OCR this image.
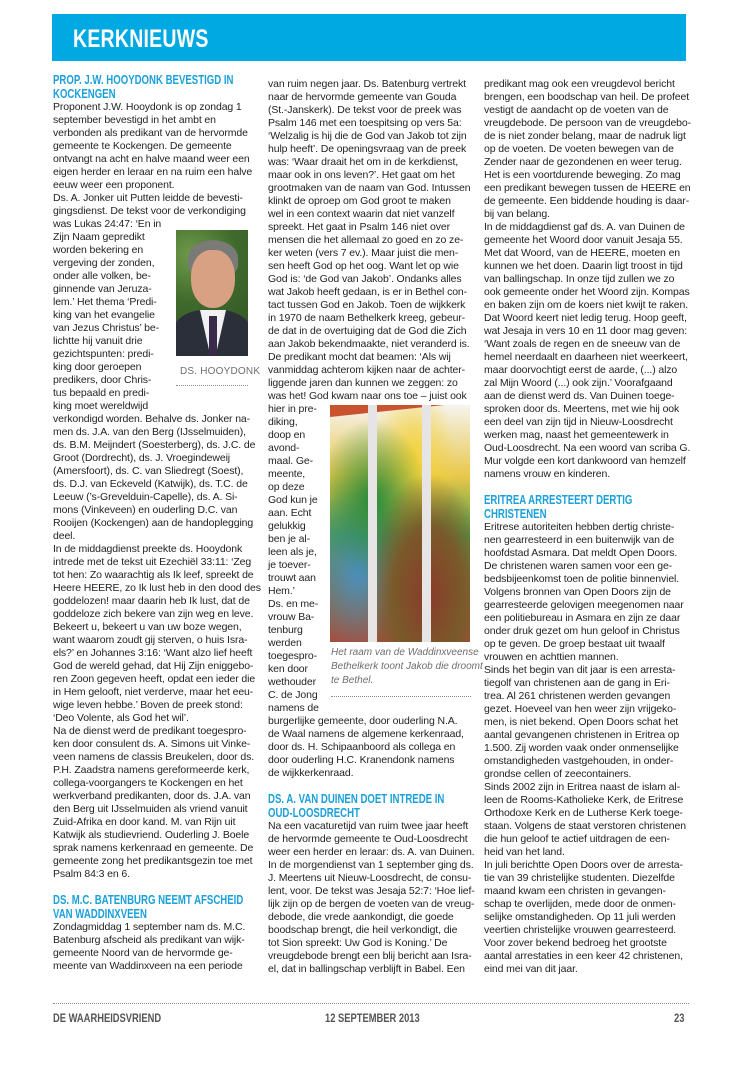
KERKNIEUWS
PROP. J.W. HOOYDONK BEVESTIGD IN
KOCKENGEN
Proponent J.W. Hooydonk is op zondag 1
september bevestigd in het ambt en
verbonden als predikant van de hervormde
gemeente te Kockengen. De gemeente
ontvangt na acht en halve maand weer een
eigen herder en leraar en na ruim een halve
eeuw weer een proponent.
Ds. A. Jonker uit Putten leidde de bevesti-
gingsdienst. De tekst voor de verkondiging
was Lukas 24:47: ‘En in
Zijn Naam gepredikt
worden bekering en
vergeving der zonden,
onder alle volken, be-
ginnende van Jeruza-
lem.’ Het thema ‘Predi-
king van het evangelie
van Jezus Christus’ be-
lichtte hij vanuit drie
gezichtspunten: predi-
king door geroepen
predikers, door Chris-
tus bepaald en predi-
king moet wereldwijd
verkondigd worden. Behalve ds. Jonker na-
men ds. J.A. van den Berg (IJsselmuiden),
ds. B.M. Meijndert (Soesterberg), ds. J.C. de
Groot (Dordrecht), ds. J. Vroegindeweij
(Amersfoort), ds. C. van Sliedregt (Soest),
ds. D.J. van Eckeveld (Katwijk), ds. T.C. de
Leeuw (’s-Grevelduin-Capelle), ds. A. Si-
mons (Vinkeveen) en ouderling D.C. van
Rooijen (Kockengen) aan de handoplegging
deel.
In de middagdienst preekte ds. Hooydonk
intrede met de tekst uit Ezechiël 33:11: ‘Zeg
tot hen: Zo waarachtig als Ik leef, spreekt de
Heere HEERE, zo Ik lust heb in den dood des
goddelozen! maar daarin heb Ik lust, dat de
goddeloze zich bekere van zijn weg en leve.
Bekeert u, bekeert u van uw boze wegen,
want waarom zoudt gij sterven, o huis Isra-
els?’ en Johannes 3:16: ‘Want alzo lief heeft
God de wereld gehad, dat Hij Zijn eniggebo-
ren Zoon gegeven heeft, opdat een ieder die
in Hem gelooft, niet verderve, maar het eeu-
wige leven hebbe.’ Boven de preek stond:
‘Deo Volente, als God het wil’.
Na de dienst werd de predikant toegespro-
ken door consulent ds. A. Simons uit Vinke-
veen namens de classis Breukelen, door ds.
P.H. Zaadstra namens gereformeerde kerk,
collega-voorgangers te Kockengen en het
werkverband predikanten, door ds. J.A. van
den Berg uit IJsselmuiden als vriend vanuit
Zuid-Afrika en door kand. M. van Rijn uit
Katwijk als studievriend. Ouderling J. Boele
sprak namens kerkenraad en gemeente. De
gemeente zong het predikantsgezin toe met
Psalm 84:3 en 6.
DS. M.C. BATENBURG NEEMT AFSCHEID
VAN WADDINXVEEN
Zondagmiddag 1 september nam ds. M.C.
Batenburg afscheid als predikant van wijk-
gemeente Noord van de hervormde ge-
meente van Waddinxveen na een periode
DS. HOOYDONK
van ruim negen jaar. Ds. Batenburg vertrekt
naar de hervormde gemeente van Gouda
(St.-Janskerk). De tekst voor de preek was
Psalm 146 met een toespitsing op vers 5a:
‘Welzalig is hij die de God van Jakob tot zijn
hulp heeft’. De openingsvraag van de preek
was: ‘Waar draait het om in de kerkdienst,
maar ook in ons leven?’. Het gaat om het
grootmaken van de naam van God. Intussen
klinkt de oproep om God groot te maken
wel in een context waarin dat niet vanzelf
spreekt. Het gaat in Psalm 146 niet over
mensen die het allemaal zo goed en zo ze-
ker weten (vers 7 ev.). Maar juist die men-
sen heeft God op het oog. Want let op wie
God is: ‘de God van Jakob’. Ondanks alles
wat Jakob heeft gedaan, is er in Bethel con-
tact tussen God en Jakob. Toen de wijkkerk
in 1970 de naam Bethelkerk kreeg, gebeur-
de dat in de overtuiging dat de God die Zich
aan Jakob bekendmaakte, niet veranderd is.
De predikant mocht dat beamen: ‘Als wij
vanmiddag achterom kijken naar de achter-
liggende jaren dan kunnen we zeggen: zo
was het! God kwam naar ons toe – juist ook
hier in pre-
diking,
doop en
avond-
maal. Ge-
meente,
op deze
God kun je
aan. Echt
gelukkig
ben je al-
leen als je,
je toever-
trouwt aan
Hem.’
Ds. en me-
vrouw Ba-
tenburg
werden
toegespro-
ken door
wethouder
C. de Jong
namens de
burgerlijke gemeente, door ouderling N.A.
de Waal namens de algemene kerkenraad,
door ds. H. Schipaanboord als collega en
door ouderling H.C. Kranendonk namens
de wijkkerkenraad.
DS. A. VAN DUINEN DOET INTREDE IN
OUD-LOOSDRECHT
Na een vacaturetijd van ruim twee jaar heeft
de hervormde gemeente te Oud-Loosdrecht
weer een herder en leraar: ds. A. van Duinen.
In de morgendienst van 1 september ging ds.
J. Meertens uit Nieuw-Loosdrecht, de consu-
lent, voor. De tekst was Jesaja 52:7: ‘Hoe lief-
lijk zijn op de bergen de voeten van de vreug-
debode, die vrede aankondigt, die goede
boodschap brengt, die heil verkondigt, die
tot Sion spreekt: Uw God is Koning.’ De
vreugdebode brengt een blij bericht aan Isra-
el, dat in ballingschap verblijft in Babel. Een
Het raam van de Waddinxveense
Bethelkerk toont Jakob die droomt
te Bethel.
predikant mag ook een vreugdevol bericht
brengen, een boodschap van heil. De profeet
vestigt de aandacht op de voeten van de
vreugdebode. De persoon van de vreugdebo-
de is niet zonder belang, maar de nadruk ligt
op de voeten. De voeten bewegen van de
Zender naar de gezondenen en weer terug.
Het is een voortdurende beweging. Zo mag
een predikant bewegen tussen de HEERE en
de gemeente. Een biddende houding is daar-
bij van belang.
In de middagdienst gaf ds. A. van Duinen de
gemeente het Woord door vanuit Jesaja 55.
Met dat Woord, van de HEERE, moeten en
kunnen we het doen. Daarin ligt troost in tijd
van ballingschap. In onze tijd zullen we zo
ook gemeente onder het Woord zijn. Kompas
en baken zijn om de koers niet kwijt te raken.
Dat Woord keert niet ledig terug. Hoop geeft,
wat Jesaja in vers 10 en 11 door mag geven:
‘Want zoals de regen en de sneeuw van de
hemel neerdaalt en daarheen niet weerkeert,
maar doorvochtigt eerst de aarde, (...) alzo
zal Mijn Woord (...) ook zijn.’ Voorafgaand
aan de dienst werd ds. Van Duinen toege-
sproken door ds. Meertens, met wie hij ook
een deel van zijn tijd in Nieuw-Loosdrecht
werken mag, naast het gemeentewerk in
Oud-Loosdrecht. Na een woord van scriba G.
Mur volgde een kort dankwoord van hemzelf
namens vrouw en kinderen.
ERITREA ARRESTEERT DERTIG
CHRISTENEN
Eritrese autoriteiten hebben dertig christe-
nen gearresteerd in een buitenwijk van de
hoofdstad Asmara. Dat meldt Open Doors.
De christenen waren samen voor een ge-
bedsbijeenkomst toen de politie binnenviel.
Volgens bronnen van Open Doors zijn de
gearresteerde gelovigen meegenomen naar
een politiebureau in Asmara en zijn ze daar
onder druk gezet om hun geloof in Christus
op te geven. De groep bestaat uit twaalf
vrouwen en achttien mannen.
Sinds het begin van dit jaar is een arresta-
tiegolf van christenen aan de gang in Eri-
trea. Al 261 christenen werden gevangen
gezet. Hoeveel van hen weer zijn vrijgeko-
men, is niet bekend. Open Doors schat het
aantal gevangenen christenen in Eritrea op
1.500. Zij worden vaak onder onmenselijke
omstandigheden vastgehouden, in onder-
grondse cellen of zeecontainers.
Sinds 2002 zijn in Eritrea naast de islam al-
leen de Rooms-Katholieke Kerk, de Eritrese
Orthodoxe Kerk en de Lutherse Kerk toege-
staan. Volgens de staat verstoren christenen
die hun geloof te actief uitdragen de een-
heid van het land.
In juli berichtte Open Doors over de arresta-
tie van 39 christelijke studenten. Diezelfde
maand kwam een christen in gevangen-
schap te overlijden, mede door de onmen-
selijke omstandigheden. Op 11 juli werden
veertien christelijke vrouwen gearresteerd.
Voor zover bekend bedroeg het grootste
aantal arrestaties in een keer 42 christenen,
eind mei van dit jaar.
DE WAARHEIDSVRIEND	12 SEPTEMBER 2013	23
